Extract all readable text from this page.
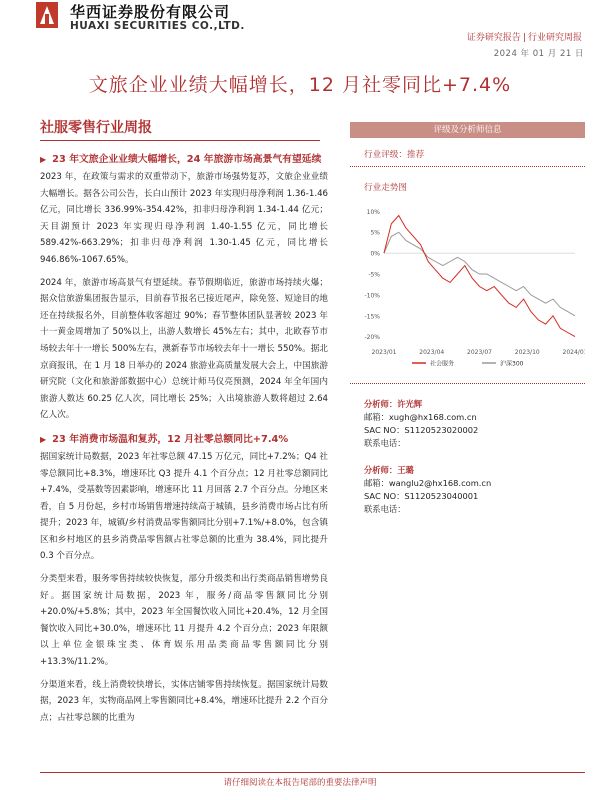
华西证券股份有限公司
HUAXI SECURITIES CO.,LTD.
证券研究报告 | 行业研究周报
2024 年 01 月 21 日
文旅企业业绩大幅增长，12 月社零同比+7.4%
社服零售行业周报
▶ 23 年文旅企业业绩大幅增长，24 年旅游市场高景气有望延续
2023 年，在政策与需求的双重带动下，旅游市场强势复苏，文旅企业业绩大幅增长。据各公司公告，长白山预计 2023 年实现归母净利润 1.36-1.46 亿元，同比增长 336.99%-354.42%，扣非归母净利润 1.34-1.44 亿元；天目湖预计 2023 年实现归母净利润 1.40-1.55 亿元，同比增长 589.42%-663.29%；扣非归母净利润 1.30-1.45 亿元，同比增长 946.86%-1067.65%。
2024 年，旅游市场高景气有望延续。春节假期临近，旅游市场持续火爆；据众信旅游集团报告显示，目前春节报名已接近尾声，除免签、短途目的地还在持续报名外，目前整体收客超过 90%；春节整体团队显著较 2023 年十一黄金周增加了 50%以上，出游人数增长 45%左右；其中，北欧春节市场较去年十一增长 500%左右，澳新春节市场较去年十一增长 550%。据北京商报讯，在 1 月 18 日举办的 2024 旅游业高质量发展大会上，中国旅游研究院（文化和旅游部数据中心）总统计师马仪亮预测，2024 年全年国内旅游人数达 60.25 亿人次，同比增长 25%；入出境旅游人数将超过 2.64 亿人次。
▶ 23 年消费市场温和复苏，12 月社零总额同比+7.4%
据国家统计局数据，2023 年社零总额 47.15 万亿元，同比+7.2%；Q4 社零总额同比+8.3%，增速环比 Q3 提升 4.1 个百分点；12 月社零总额同比+7.4%，受基数等因素影响，增速环比 11 月回落 2.7 个百分点。分地区来看，自 5 月份起，乡村市场销售增速持续高于城镇，县乡消费市场占比有所提升；2023 年，城镇/乡村消费品零售额同比分别+7.1%/+8.0%，包含镇区和乡村地区的县乡消费品零售额占社零总额的比重为 38.4%，同比提升 0.3 个百分点。
分类型来看，服务零售持续较快恢复，部分升级类和出行类商品销售增势良好。据国家统计局数据，2023 年，服务/商品零售额同比分别+20.0%/+5.8%；其中，2023 年全国餐饮收入同比+20.4%，12 月全国餐饮收入同比+30.0%，增速环比 11 月提升 4.2 个百分点；2023 年限额以上单位金银珠宝类、体育娱乐用品类商品零售额同比分别+13.3%/11.2%。
分渠道来看，线上消费较快增长，实体店铺零售持续恢复。据国家统计局数据，2023 年，实物商品网上零售额同比+8.4%，增速环比提升 2.2 个百分点；占社零总额的比重为
评级及分析师信息
行业评级：推荐
行业走势图
10%
5%
0%
-5%
-10%
-15%
-20%
2023/01	2023/04	2023/07	2023/10	2024/01
社会服务	沪深300
分析师：许光辉
邮箱：xugh@hx168.com.cn
SAC NO：S1120523020002
联系电话：
分析师：王璐
邮箱：wanglu2@hx168.com.cn
SAC NO：S1120523040001
联系电话：
请仔细阅读在本报告尾部的重要法律声明
